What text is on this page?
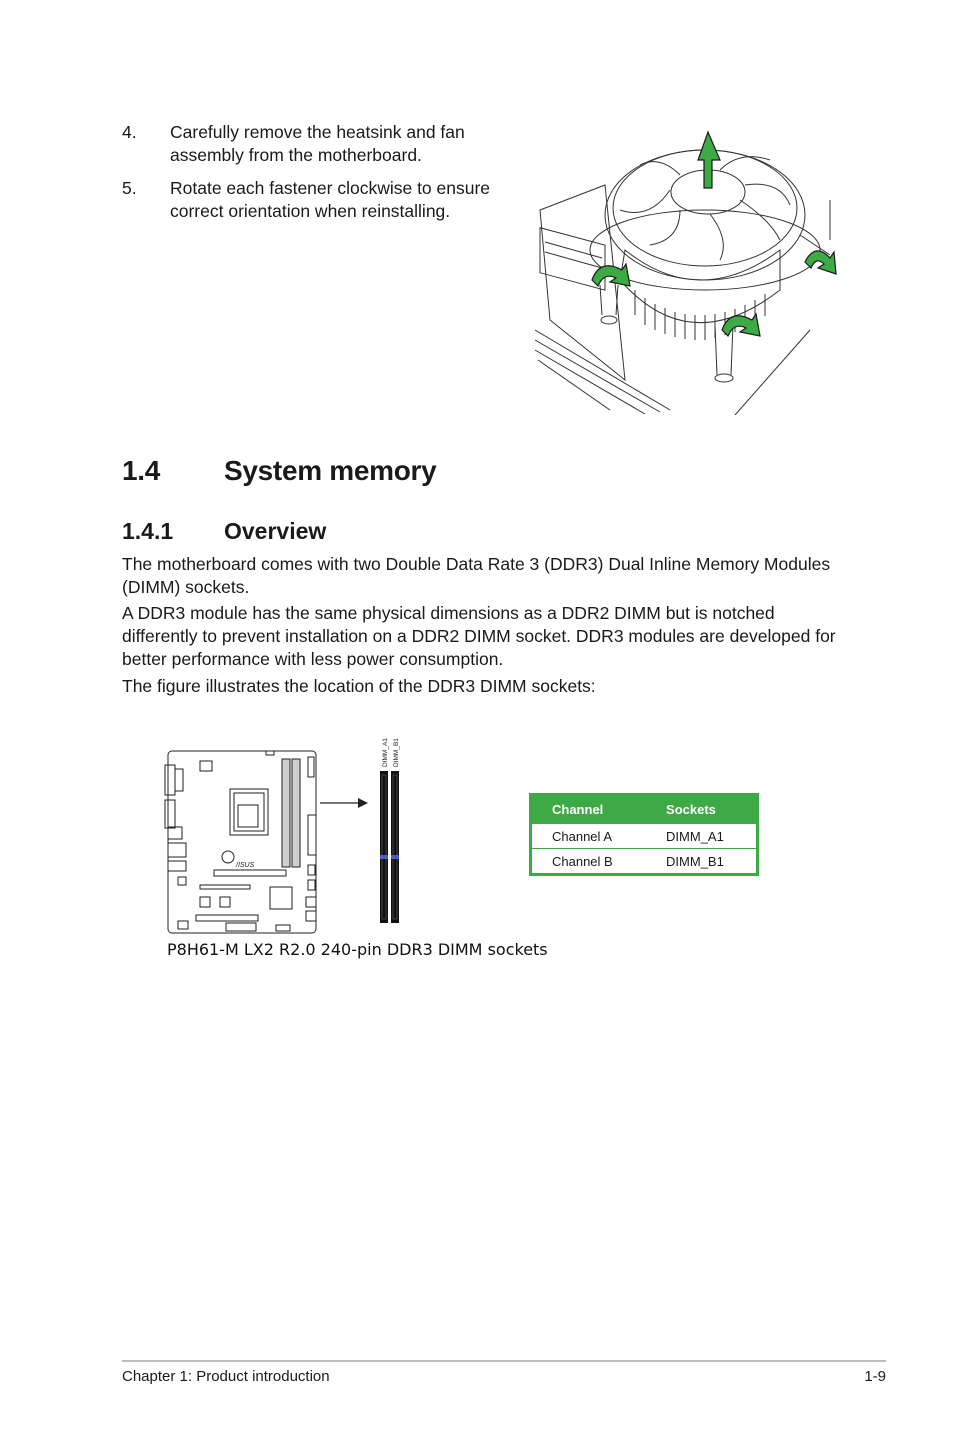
4. Carefully remove the heatsink and fan assembly from the motherboard.
5. Rotate each fastener clockwise to ensure correct orientation when reinstalling.
1.4 System memory
1.4.1 Overview

The motherboard comes with two Double Data Rate 3 (DDR3) Dual Inline Memory Modules (DIMM) sockets.

A DDR3 module has the same physical dimensions as a DDR2 DIMM but is notched differently to prevent installation on a DDR2 DIMM socket. DDR3 modules are developed for better performance with less power consumption.

The figure illustrates the location of the DDR3 DIMM sockets:

/ISUS
DIMM_A1 DIMM_B1
P8H61-M LX2 R2.0 240-pin DDR3 DIMM sockets
Channel	Sockets
Channel A	DIMM_A1
Channel B	DIMM_B1
Chapter 1: Product introduction	1-9
